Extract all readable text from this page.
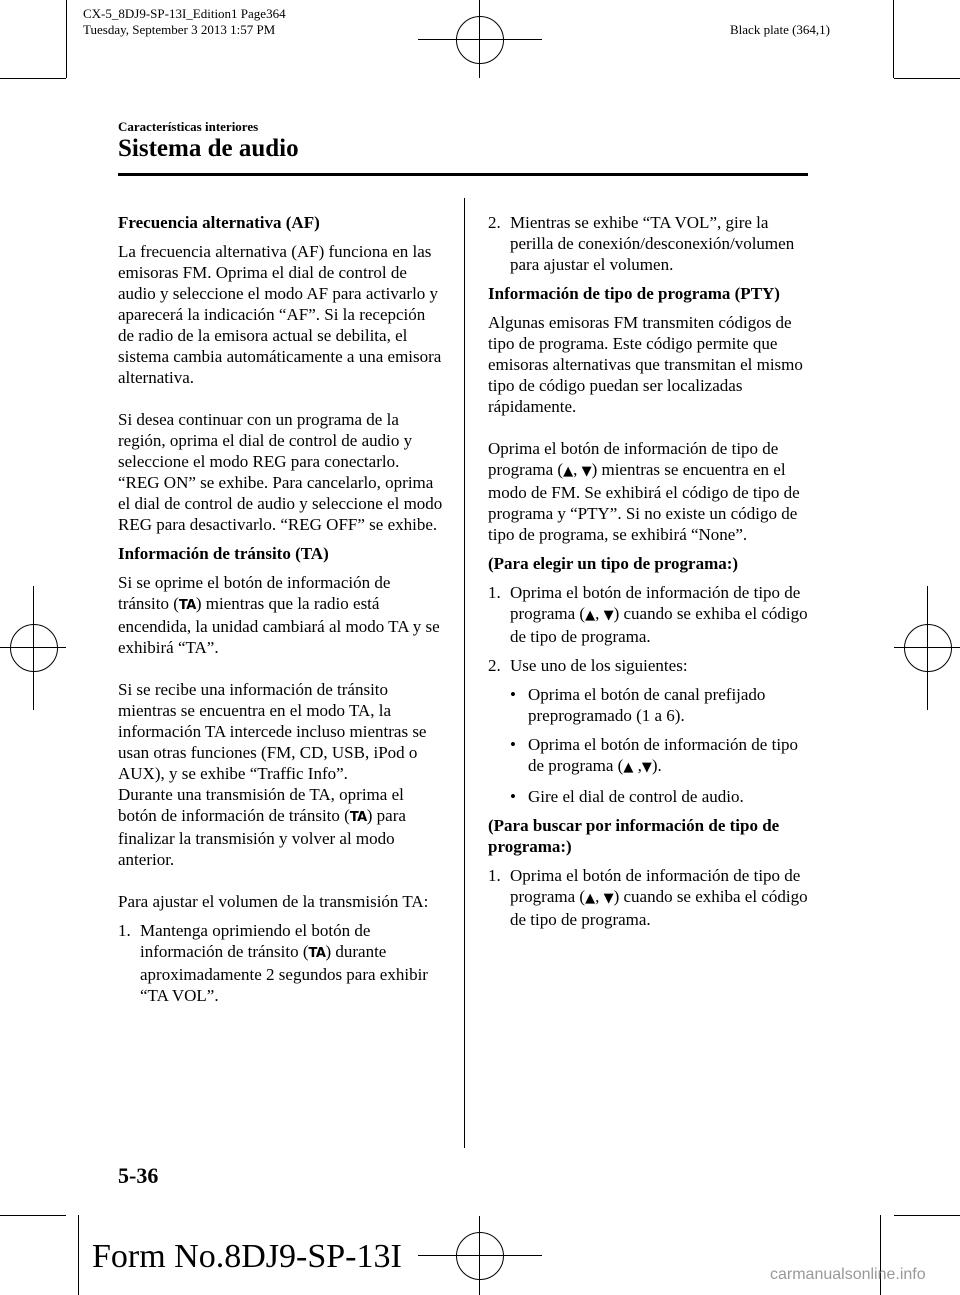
CX-5_8DJ9-SP-13I_Edition1 Page364
Tuesday, September 3 2013 1:57 PM	Black plate (364,1)
Características interiores
Sistema de audio
Frecuencia alternativa (AF)

La frecuencia alternativa (AF) funciona en las emisoras FM. Oprima el dial de control de audio y seleccione el modo AF para activarlo y aparecerá la indicación “AF”. Si la recepción de radio de la emisora actual se debilita, el sistema cambia automáticamente a una emisora alternativa.

Si desea continuar con un programa de la región, oprima el dial de control de audio y seleccione el modo REG para conectarlo. “REG ON” se exhibe. Para cancelarlo, oprima el dial de control de audio y seleccione el modo REG para desactivarlo. “REG OFF” se exhibe.

Información de tránsito (TA)

Si se oprime el botón de información de tránsito (TA) mientras que la radio está encendida, la unidad cambiará al modo TA y se exhibirá “TA”.

Si se recibe una información de tránsito mientras se encuentra en el modo TA, la información TA intercede incluso mientras se usan otras funciones (FM, CD, USB, iPod o AUX), y se exhibe “Traffic Info”.

Durante una transmisión de TA, oprima el botón de información de tránsito (TA) para finalizar la transmisión y volver al modo anterior.

Para ajustar el volumen de la transmisión TA:

1. Mantenga oprimiendo el botón de información de tránsito (TA) durante aproximadamente 2 segundos para exhibir “TA VOL”.
2. Mientras se exhibe “TA VOL”, gire la perilla de conexión/desconexión/volumen para ajustar el volumen.
Información de tipo de programa (PTY)

Algunas emisoras FM transmiten códigos de tipo de programa. Este código permite que emisoras alternativas que transmitan el mismo tipo de código puedan ser localizadas rápidamente.

Oprima el botón de información de tipo de programa (▲, ▼) mientras se encuentra en el modo de FM. Se exhibirá el código de tipo de programa y “PTY”. Si no existe un código de tipo de programa, se exhibirá “None”.

(Para elegir un tipo de programa:)
1. Oprima el botón de información de tipo de programa (▲, ▼) cuando se exhiba el código de tipo de programa.
2. Use uno de los siguientes:
• Oprima el botón de canal prefijado preprogramado (1 a 6).
• Oprima el botón de información de tipo de programa (▲ ,▼).
• Gire el dial de control de audio.
(Para buscar por información de tipo de programa:)
1. Oprima el botón de información de tipo de programa (▲, ▼) cuando se exhiba el código de tipo de programa.
5-36
Form No.8DJ9-SP-13I	carmanualsonline.info
